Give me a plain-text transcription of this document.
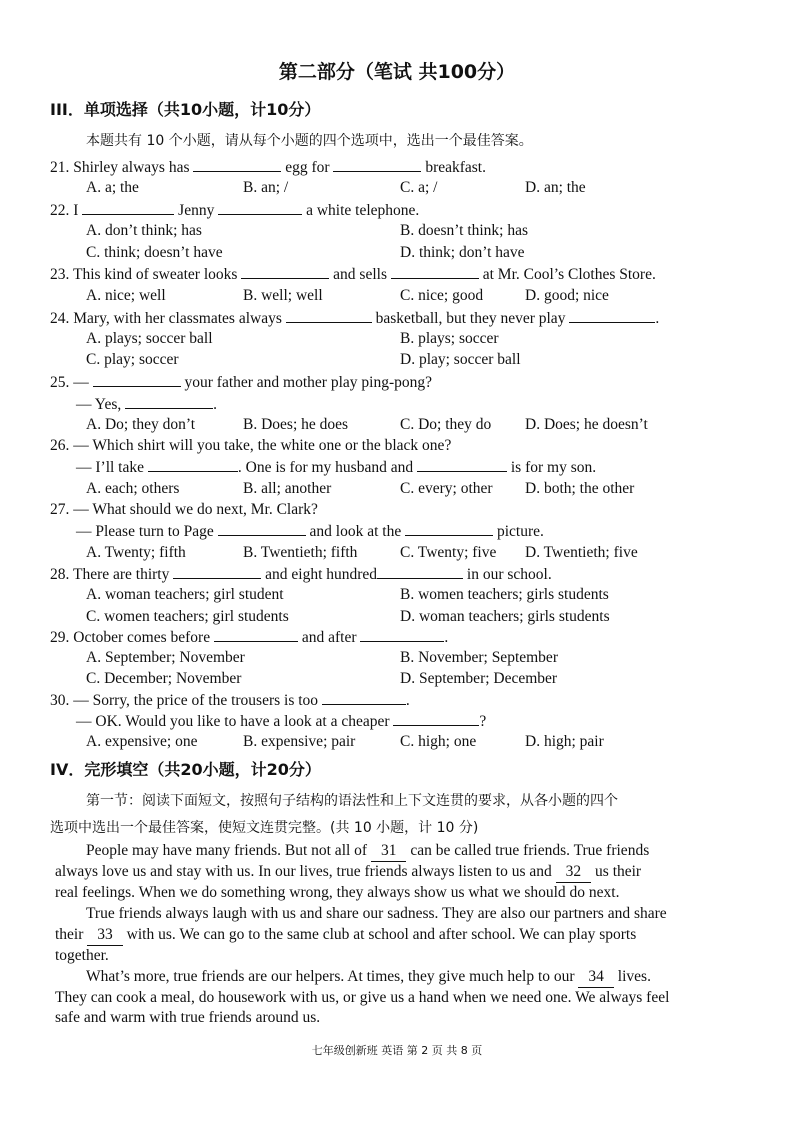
第二部分（笔试 共100分）
III．单项选择（共10小题，计10分）
本题共有 10 个小题，请从每个小题的四个选项中，选出一个最佳答案。
21. Shirley always has	egg for	breakfast.
A. a; the	B. an; /	C. a; /	D. an; the
22. I	Jenny	a white telephone.
A. don’t think; has	B. doesn’t think; has
C. think; doesn’t have	D. think; don’t have
23. This kind of sweater looks	and sells	at Mr. Cool’s Clothes Store.
A. nice; well	B. well; well	C. nice; good	D. good; nice
24. Mary, with her classmates always	basketball, but they never play	.
A. plays; soccer ball	B. plays; soccer
C. play; soccer	D. play; soccer ball
25. —	your father and mother play ping-pong?
— Yes,	.
A. Do; they don’t	B. Does; he does	C. Do; they do D. Does; he doesn’t
26. — Which shirt will you take, the white one or the black one?
— I’ll take	. One is for my husband and	is for my son.
A. each; others	B. all; another	C. every; other D. both; the other
27. — What should we do next, Mr. Clark?
— Please turn to Page	and look at the	picture.
A. Twenty; fifth	B. Twentieth; fifth	C. Twenty; five D. Twentieth; five
28. There are thirty	and eight hundred	in our school.
A. woman teachers; girl student	B. women teachers; girls students
C. women teachers; girl students	D. woman teachers; girls students
29. October comes before	and after	.
A. September; November	B. November; September
C. December; November	D. September; December
30. — Sorry, the price of the trousers is too	.
— OK. Would you like to have a look at a cheaper	?
A. expensive; one	B. expensive; pair	C. high; one	D. high; pair
IV．完形填空（共20小题，计20分）
第一节：阅读下面短文，按照句子结构的语法性和上下文连贯的要求，从各小题的四个
选项中选出一个最佳答案，使短文连贯完整。(共 10 小题，计 10 分)
People may have many friends. But not all of 31 can be called true friends. True friends
always love us and stay with us. In our lives, true friends always listen to us and 32 us their
real feelings. When we do something wrong, they always show us what we should do next.
True friends always laugh with us and share our sadness. They are also our partners and share
their 33 with us. We can go to the same club at school and after school. We can play sports
together.
What’s more, true friends are our helpers. At times, they give much help to our 34 lives.
They can cook a meal, do housework with us, or give us a hand when we need one. We always feel
safe and warm with true friends around us.
七年级创新班 英语 第 2 页 共 8 页
